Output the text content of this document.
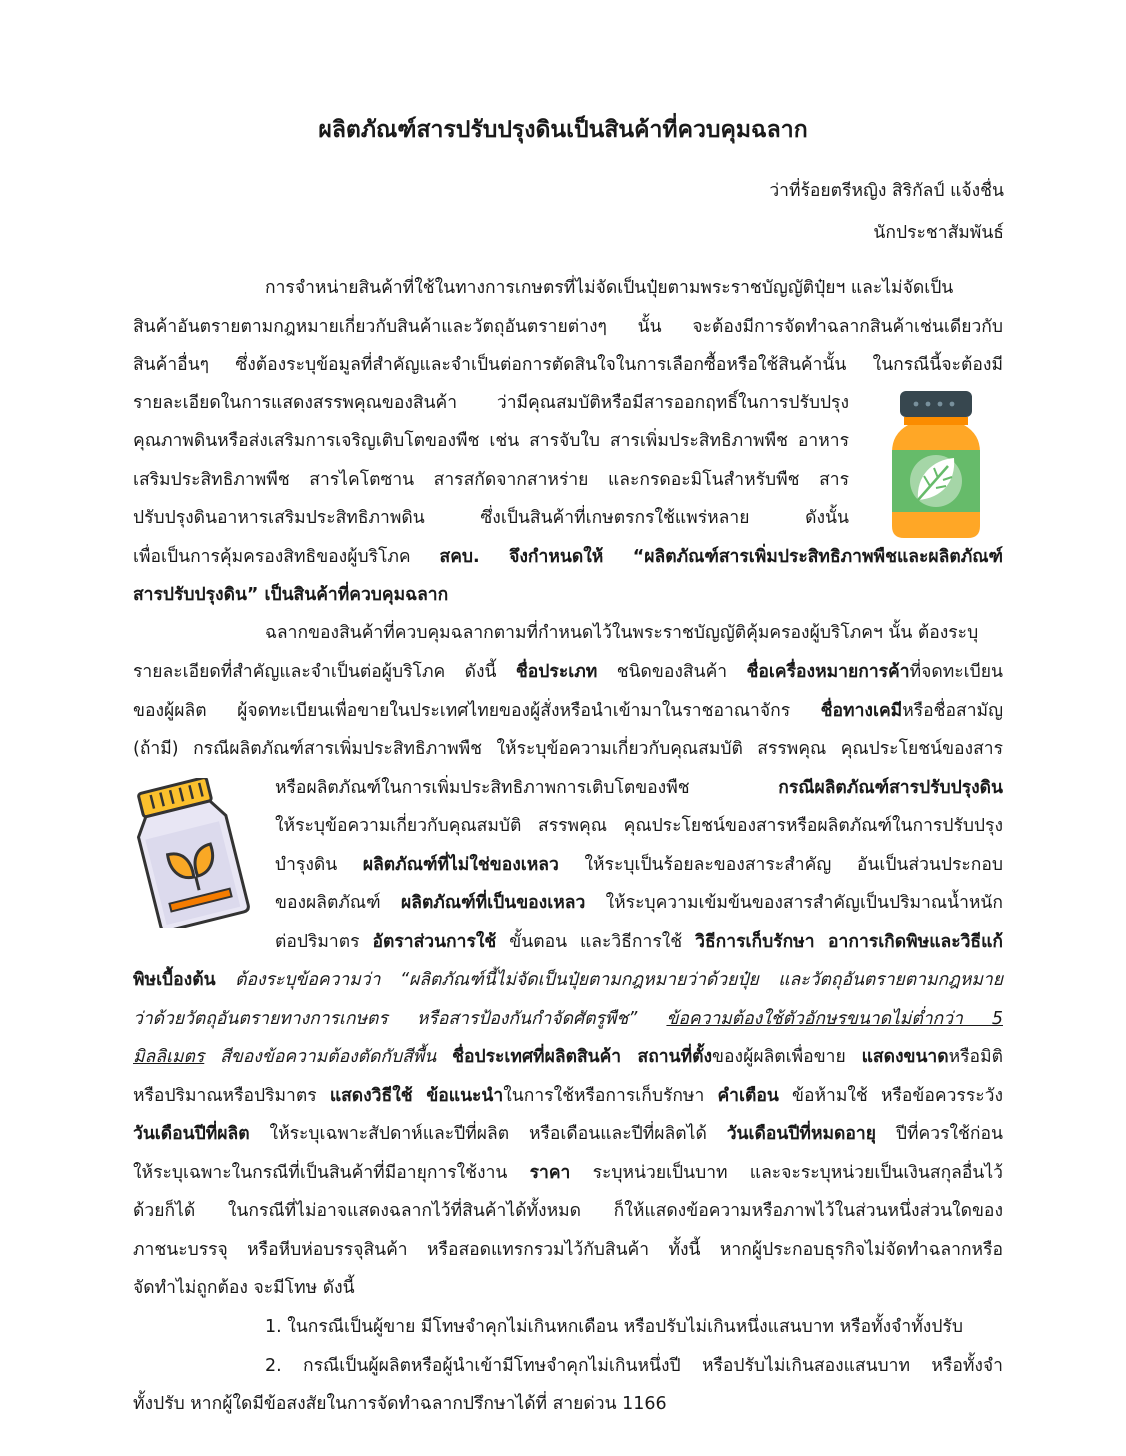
ผลิตภัณฑ์สารปรับปรุงดินเป็นสินค้าที่ควบคุมฉลาก
ว่าที่ร้อยตรีหญิง สิริกัลป์ แจ้งชื่น
นักประชาสัมพันธ์
การจำหน่ายสินค้าที่ใช้ในทางการเกษตรที่ไม่จัดเป็นปุ๋ยตามพระราชบัญญัติปุ๋ยฯ และไม่จัดเป็น
สินค้าอันตรายตามกฎหมายเกี่ยวกับสินค้าและวัตถุอันตรายต่างๆ นั้น จะต้องมีการจัดทำฉลากสินค้าเช่นเดียวกับ
สินค้าอื่นๆ ซึ่งต้องระบุข้อมูลที่สำคัญและจำเป็นต่อการตัดสินใจในการเลือกซื้อหรือใช้สินค้านั้น ในกรณีนี้จะต้องมี
รายละเอียดในการแสดงสรรพคุณของสินค้า ว่ามีคุณสมบัติหรือมีสารออกฤทธิ์ในการปรับปรุง
คุณภาพดินหรือส่งเสริมการเจริญเติบโตของพืช เช่น สารจับใบ สารเพิ่มประสิทธิภาพพืช อาหาร
เสริมประสิทธิภาพพืช สารไคโตซาน สารสกัดจากสาหร่าย และกรดอะมิโนสำหรับพืช สาร
ปรับปรุงดินอาหารเสริมประสิทธิภาพดิน ซึ่งเป็นสินค้าที่เกษตรกรใช้แพร่หลาย ดังนั้น
เพื่อเป็นการคุ้มครองสิทธิของผู้บริโภค สคบ. จึงกำหนดให้ “ผลิตภัณฑ์สารเพิ่มประสิทธิภาพพืชและผลิตภัณฑ์
สารปรับปรุงดิน” เป็นสินค้าที่ควบคุมฉลาก
ฉลากของสินค้าที่ควบคุมฉลากตามที่กำหนดไว้ในพระราชบัญญัติคุ้มครองผู้บริโภคฯ นั้น ต้องระบุ
รายละเอียดที่สำคัญและจำเป็นต่อผู้บริโภค ดังนี้ ชื่อประเภท ชนิดของสินค้า ชื่อเครื่องหมายการค้าที่จดทะเบียน
ของผู้ผลิต ผู้จดทะเบียนเพื่อขายในประเทศไทยของผู้สั่งหรือนำเข้ามาในราชอาณาจักร ชื่อทางเคมีหรือชื่อสามัญ
(ถ้ามี) กรณีผลิตภัณฑ์สารเพิ่มประสิทธิภาพพืช ให้ระบุข้อความเกี่ยวกับคุณสมบัติ สรรพคุณ คุณประโยชน์ของสาร
หรือผลิตภัณฑ์ในการเพิ่มประสิทธิภาพการเติบโตของพืช กรณีผลิตภัณฑ์สารปรับปรุงดิน
ให้ระบุข้อความเกี่ยวกับคุณสมบัติ สรรพคุณ คุณประโยชน์ของสารหรือผลิตภัณฑ์ในการปรับปรุง
บำรุงดิน ผลิตภัณฑ์ที่ไม่ใช่ของเหลว ให้ระบุเป็นร้อยละของสาระสำคัญ อันเป็นส่วนประกอบ
ของผลิตภัณฑ์ ผลิตภัณฑ์ที่เป็นของเหลว ให้ระบุความเข้มข้นของสารสำคัญเป็นปริมาณน้ำหนัก
ต่อปริมาตร อัตราส่วนการใช้ ขั้นตอน และวิธีการใช้ วิธีการเก็บรักษา อาการเกิดพิษและวิธีแก้
พิษเบื้องต้น ต้องระบุข้อความว่า “ผลิตภัณฑ์นี้ไม่จัดเป็นปุ๋ยตามกฎหมายว่าด้วยปุ๋ย และวัตถุอันตรายตามกฎหมาย
ว่าด้วยวัตถุอันตรายทางการเกษตร หรือสารป้องกันกำจัดศัตรูพืช” ข้อความต้องใช้ตัวอักษรขนาดไม่ต่ำกว่า 5
มิลลิเมตร สีของข้อความต้องตัดกับสีพื้น ชื่อประเทศที่ผลิตสินค้า สถานที่ตั้งของผู้ผลิตเพื่อขาย แสดงขนาดหรือมิติ
หรือปริมาณหรือปริมาตร แสดงวิธีใช้ ข้อแนะนำในการใช้หรือการเก็บรักษา คำเตือน ข้อห้ามใช้ หรือข้อควรระวัง
วันเดือนปีที่ผลิต ให้ระบุเฉพาะสัปดาห์และปีที่ผลิต หรือเดือนและปีที่ผลิตได้ วันเดือนปีที่หมดอายุ ปีที่ควรใช้ก่อน
ให้ระบุเฉพาะในกรณีที่เป็นสินค้าที่มีอายุการใช้งาน ราคา ระบุหน่วยเป็นบาท และจะระบุหน่วยเป็นเงินสกุลอื่นไว้
ด้วยก็ได้ ในกรณีที่ไม่อาจแสดงฉลากไว้ที่สินค้าได้ทั้งหมด ก็ให้แสดงข้อความหรือภาพไว้ในส่วนหนึ่งส่วนใดของ
ภาชนะบรรจุ หรือหีบห่อบรรจุสินค้า หรือสอดแทรกรวมไว้กับสินค้า ทั้งนี้ หากผู้ประกอบธุรกิจไม่จัดทำฉลากหรือ
จัดทำไม่ถูกต้อง จะมีโทษ ดังนี้
1. ในกรณีเป็นผู้ขาย มีโทษจำคุกไม่เกินหกเดือน หรือปรับไม่เกินหนึ่งแสนบาท หรือทั้งจำทั้งปรับ
2. กรณีเป็นผู้ผลิตหรือผู้นำเข้ามีโทษจำคุกไม่เกินหนึ่งปี หรือปรับไม่เกินสองแสนบาท หรือทั้งจำ
ทั้งปรับ หากผู้ใดมีข้อสงสัยในการจัดทำฉลากปรึกษาได้ที่ สายด่วน 1166
